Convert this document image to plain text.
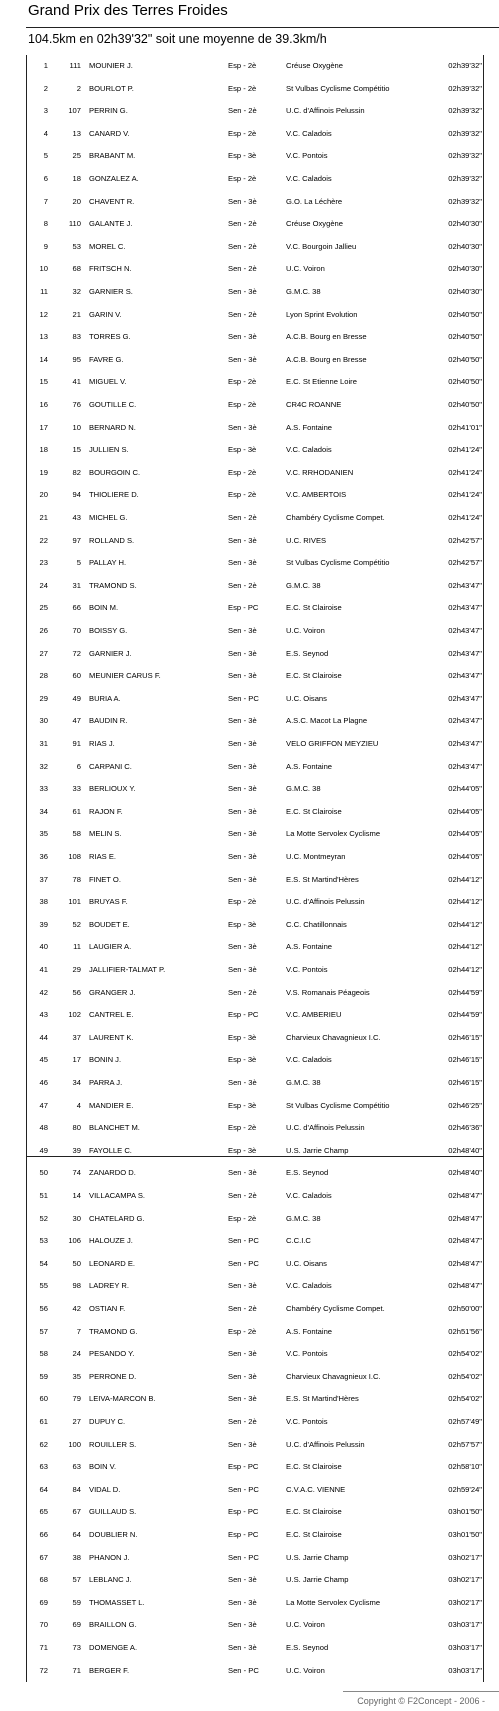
Grand Prix des Terres Froides
104.5km en 02h39'32" soit une moyenne de 39.3km/h
1	111 MOUNIER J.	Esp - 2è	Créuse Oxygène	02h39'32"
2	2 BOURLOT P.	Esp - 2è	St Vulbas Cyclisme Compétitio	02h39'32"
3	107 PERRIN G.	Sen - 2è	U.C. d'Affinois Pelussin	02h39'32"
4	13 CANARD V.	Esp - 2è	V.C. Caladois	02h39'32"
5	25 BRABANT M.	Esp - 3è	V.C. Pontois	02h39'32"
6	18 GONZALEZ A.	Esp - 2è	V.C. Caladois	02h39'32"
7	20 CHAVENT R.	Sen - 3è	G.O. La Léchère	02h39'32"
8	110 GALANTE J.	Sen - 2è	Créuse Oxygène	02h40'30"
9	53 MOREL C.	Sen - 2è	V.C. Bourgoin Jallieu	02h40'30"
10	68 FRITSCH N.	Sen - 2è	U.C. Voiron	02h40'30"
11	32 GARNIER S.	Sen - 3è	G.M.C. 38	02h40'30"
12	21 GARIN V.	Sen - 2è	Lyon Sprint Evolution	02h40'50"
13	83 TORRES G.	Sen - 3è	A.C.B. Bourg en Bresse	02h40'50"
14	95 FAVRE G.	Sen - 3è	A.C.B. Bourg en Bresse	02h40'50"
15	41 MIGUEL V.	Esp - 2è	E.C. St Etienne Loire	02h40'50"
16	76 GOUTILLE C.	Esp - 2è	CR4C ROANNE	02h40'50"
17	10 BERNARD N.	Sen - 3è	A.S. Fontaine	02h41'01"
18	15 JULLIEN S.	Esp - 3è	V.C. Caladois	02h41'24"
19	82 BOURGOIN C.	Esp - 2è	V.C. RRHODANIEN	02h41'24"
20	94 THIOLIERE D.	Esp - 2è	V.C. AMBERTOIS	02h41'24"
21	43 MICHEL G.	Sen - 2è	Chambéry Cyclisme Compet.	02h41'24"
22	97 ROLLAND S.	Sen - 3è	U.C. RIVES	02h42'57"
23	5 PALLAY H.	Sen - 3è	St Vulbas Cyclisme Compétitio	02h42'57"
24	31 TRAMOND S.	Sen - 2è	G.M.C. 38	02h43'47"
25	66 BOIN M.	Esp - PC	E.C. St Clairoise	02h43'47"
26	70 BOISSY G.	Sen - 3è	U.C. Voiron	02h43'47"
27	72 GARNIER J.	Sen - 3è	E.S. Seynod	02h43'47"
28	60 MEUNIER CARUS F.	Sen - 3è	E.C. St Clairoise	02h43'47"
29	49 BURIA A.	Sen - PC	U.C. Oisans	02h43'47"
30	47 BAUDIN R.	Sen - 3è	A.S.C. Macot La Plagne	02h43'47"
31	91 RIAS J.	Sen - 3è	VELO GRIFFON MEYZIEU	02h43'47"
32	6 CARPANI C.	Sen - 3è	A.S. Fontaine	02h43'47"
33	33 BERLIOUX Y.	Sen - 3è	G.M.C. 38	02h44'05"
34	61 RAJON F.	Sen - 3è	E.C. St Clairoise	02h44'05"
35	58 MELIN S.	Sen - 3è	La Motte Servolex Cyclisme	02h44'05"
36	108 RIAS E.	Sen - 3è	U.C. Montmeyran	02h44'05"
37	78 FINET O.	Sen - 3è	E.S. St Martind'Hères	02h44'12"
38	101 BRUYAS F.	Esp - 2è	U.C. d'Affinois Pelussin	02h44'12"
39	52 BOUDET E.	Esp - 3è	C.C. Chatillonnais	02h44'12"
40	11 LAUGIER A.	Sen - 3è	A.S. Fontaine	02h44'12"
41	29 JALLIFIER-TALMAT P.	Sen - 3è	V.C. Pontois	02h44'12"
42	56 GRANGER J.	Sen - 2è	V.S. Romanais Péageois	02h44'59"
43	102 CANTREL E.	Esp - PC	V.C. AMBERIEU	02h44'59"
44	37 LAURENT K.	Esp - 3è	Charvieux Chavagnieux I.C.	02h46'15"
45	17 BONIN J.	Esp - 3è	V.C. Caladois	02h46'15"
46	34 PARRA J.	Sen - 3è	G.M.C. 38	02h46'15"
47	4 MANDIER E.	Esp - 3è	St Vulbas Cyclisme Compétitio	02h46'25"
48	80 BLANCHET M.	Esp - 2è	U.C. d'Affinois Pelussin	02h46'36"
49	39 FAYOLLE C.	Esp - 3è	U.S. Jarrie Champ	02h48'40"
50	74 ZANARDO D.	Sen - 3è	E.S. Seynod	02h48'40"
51	14 VILLACAMPA S.	Sen - 2è	V.C. Caladois	02h48'47"
52	30 CHATELARD G.	Esp - 2è	G.M.C. 38	02h48'47"
53	106 HALOUZE J.	Sen - PC	C.C.I.C	02h48'47"
54	50 LEONARD E.	Sen - PC	U.C. Oisans	02h48'47"
55	98 LADREY R.	Sen - 3è	V.C. Caladois	02h48'47"
56	42 OSTIAN F.	Sen - 2è	Chambéry Cyclisme Compet.	02h50'00"
57	7 TRAMOND G.	Esp - 2è	A.S. Fontaine	02h51'56"
58	24 PESANDO Y.	Sen - 3è	V.C. Pontois	02h54'02"
59	35 PERRONE D.	Sen - 3è	Charvieux Chavagnieux I.C.	02h54'02"
60	79 LEIVA-MARCON B.	Sen - 3è	E.S. St Martind'Hères	02h54'02"
61	27 DUPUY C.	Sen - 2è	V.C. Pontois	02h57'49"
62	100 ROUILLER S.	Sen - 3è	U.C. d'Affinois Pelussin	02h57'57"
63	63 BOIN V.	Esp - PC	E.C. St Clairoise	02h58'10"
64	84 VIDAL D.	Sen - PC	C.V.A.C. VIENNE	02h59'24"
65	67 GUILLAUD S.	Esp - PC	E.C. St Clairoise	03h01'50"
66	64 DOUBLIER N.	Esp - PC	E.C. St Clairoise	03h01'50"
67	38 PHANON J.	Sen - PC	U.S. Jarrie Champ	03h02'17"
68	57 LEBLANC J.	Sen - 3è	U.S. Jarrie Champ	03h02'17"
69	59 THOMASSET L.	Sen - 3è	La Motte Servolex Cyclisme	03h02'17"
70	69 BRAILLON G.	Sen - 3è	U.C. Voiron	03h03'17"
71	73 DOMENGE A.	Sen - 3è	E.S. Seynod	03h03'17"
72	71 BERGER F.	Sen - PC	U.C. Voiron	03h03'17"
Copyright © F2Concept - 2006 -
